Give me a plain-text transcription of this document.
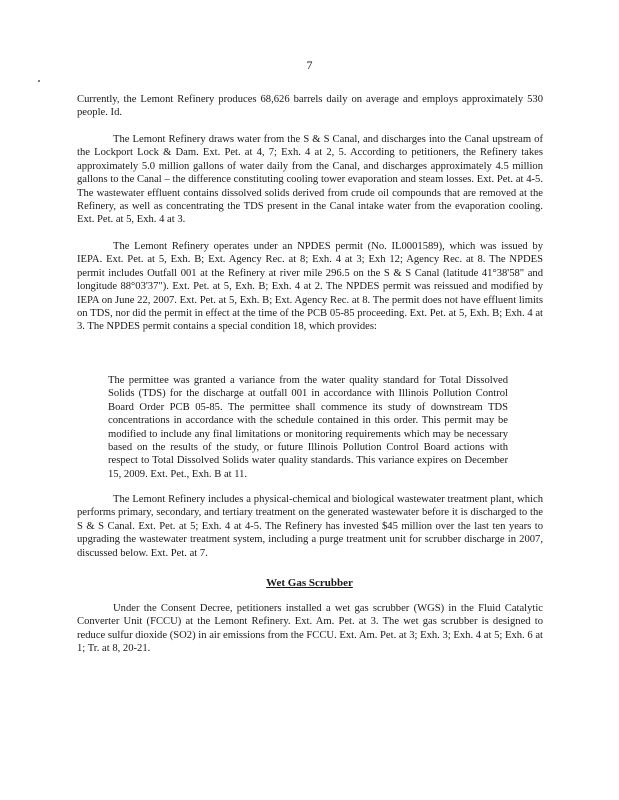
7

Currently, the Lemont Refinery produces 68,626 barrels daily on average and employs approximately 530 people. Id.

The Lemont Refinery draws water from the S & S Canal, and discharges into the Canal upstream of the Lockport Lock & Dam. Ext. Pet. at 4, 7; Exh. 4 at 2, 5. According to petitioners, the Refinery takes approximately 5.0 million gallons of water daily from the Canal, and discharges approximately 4.5 million gallons to the Canal – the difference constituting cooling tower evaporation and steam losses. Ext. Pet. at 4-5. The wastewater effluent contains dissolved solids derived from crude oil compounds that are removed at the Refinery, as well as concentrating the TDS present in the Canal intake water from the evaporation cooling. Ext. Pet. at 5, Exh. 4 at 3.

The Lemont Refinery operates under an NPDES permit (No. IL0001589), which was issued by IEPA. Ext. Pet. at 5, Exh. B; Ext. Agency Rec. at 8; Exh. 4 at 3; Exh 12; Agency Rec. at 8. The NPDES permit includes Outfall 001 at the Refinery at river mile 296.5 on the S & S Canal (latitude 41°38'58" and longitude 88°03'37"). Ext. Pet. at 5, Exh. B; Exh. 4 at 2. The NPDES permit was reissued and modified by IEPA on June 22, 2007. Ext. Pet. at 5, Exh. B; Ext. Agency Rec. at 8. The permit does not have effluent limits on TDS, nor did the permit in effect at the time of the PCB 05-85 proceeding. Ext. Pet. at 5, Exh. B; Exh. 4 at 3. The NPDES permit contains a special condition 18, which provides:

The permittee was granted a variance from the water quality standard for Total Dissolved Solids (TDS) for the discharge at outfall 001 in accordance with Illinois Pollution Control Board Order PCB 05-85. The permittee shall commence its study of downstream TDS concentrations in accordance with the schedule contained in this order. This permit may be modified to include any final limitations or monitoring requirements which may be necessary based on the results of the study, or future Illinois Pollution Control Board actions with respect to Total Dissolved Solids water quality standards. This variance expires on December 15, 2009. Ext. Pet., Exh. B at 11.

The Lemont Refinery includes a physical-chemical and biological wastewater treatment plant, which performs primary, secondary, and tertiary treatment on the generated wastewater before it is discharged to the S & S Canal. Ext. Pet. at 5; Exh. 4 at 4-5. The Refinery has invested $45 million over the last ten years to upgrading the wastewater treatment system, including a purge treatment unit for scrubber discharge in 2007, discussed below. Ext. Pet. at 7.

Wet Gas Scrubber

Under the Consent Decree, petitioners installed a wet gas scrubber (WGS) in the Fluid Catalytic Converter Unit (FCCU) at the Lemont Refinery. Ext. Am. Pet. at 3. The wet gas scrubber is designed to reduce sulfur dioxide (SO2) in air emissions from the FCCU. Ext. Am. Pet. at 3; Exh. 3; Exh. 4 at 5; Exh. 6 at 1; Tr. at 8, 20-21.
